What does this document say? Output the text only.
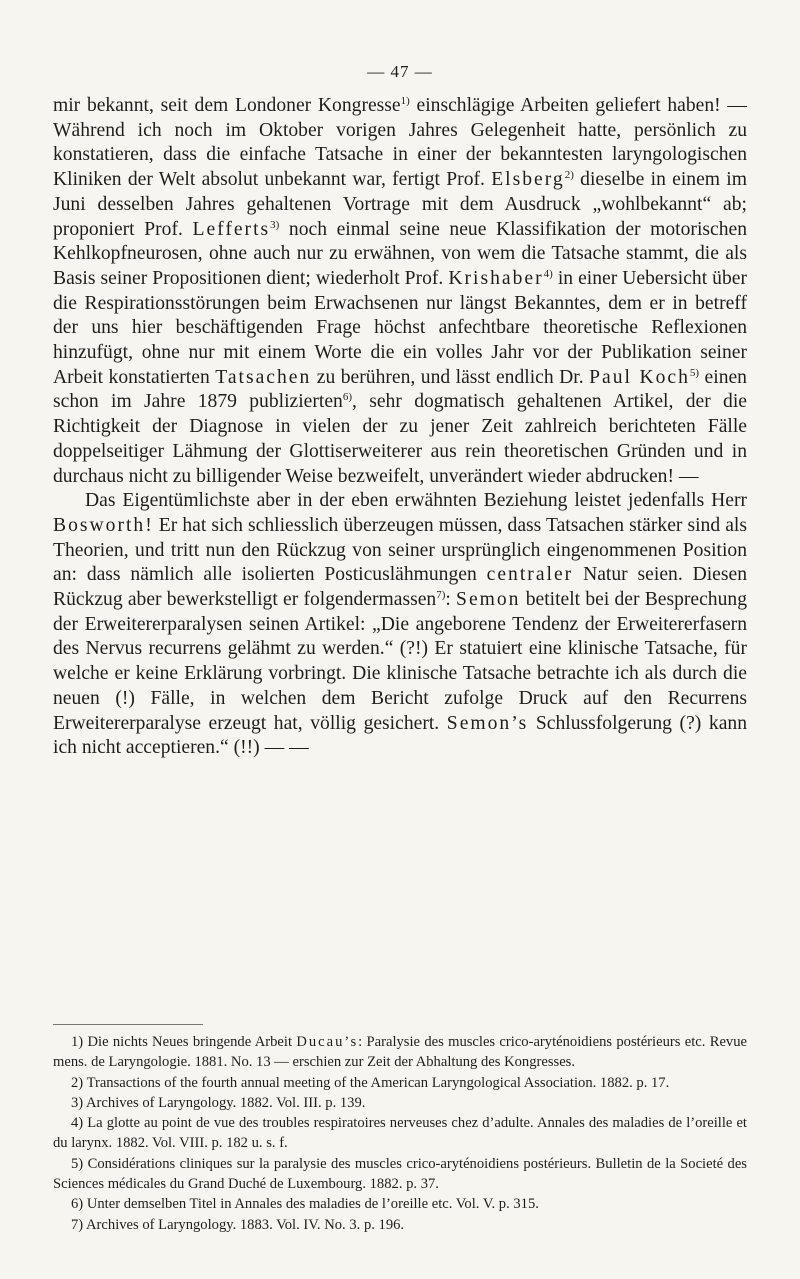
— 47 —

mir bekannt, seit dem Londoner Kongresse$^{1)}$ einschlägige Arbeiten geliefert haben! — Während ich noch im Oktober vorigen Jahres Gelegenheit hatte, persönlich zu konstatieren, dass die einfache Tatsache in einer der bekanntesten laryngologischen Kliniken der Welt absolut unbekannt war, fertigt Prof. Elsberg$^{2)}$ dieselbe in einem im Juni desselben Jahres gehaltenen Vortrage mit dem Ausdruck „wohlbekannt“ ab; proponiert Prof. Lefferts$^{3)}$ noch einmal seine neue Klassifikation der motorischen Kehlkopfneurosen, ohne auch nur zu erwähnen, von wem die Tatsache stammt, die als Basis seiner Propositionen dient; wiederholt Prof. Krishaber$^{4)}$ in einer Uebersicht über die Respirationsstörungen beim Erwachsenen nur längst Bekanntes, dem er in betreff der uns hier beschäftigenden Frage höchst anfechtbare theoretische Reflexionen hinzufügt, ohne nur mit einem Worte die ein volles Jahr vor der Publikation seiner Arbeit konstatierten Tatsachen zu berühren, und lässt endlich Dr. Paul Koch$^{5)}$ einen schon im Jahre 1879 publizierten$^{6)}$, sehr dogmatisch gehaltenen Artikel, der die Richtigkeit der Diagnose in vielen der zu jener Zeit zahlreich berichteten Fälle doppelseitiger Lähmung der Glottiserweiterer aus rein theoretischen Gründen und in durchaus nicht zu billigender Weise bezweifelt, unverändert wieder abdrucken! —

Das Eigentümlichste aber in der eben erwähnten Beziehung leistet jedenfalls Herr Bosworth! Er hat sich schliesslich überzeugen müssen, dass Tatsachen stärker sind als Theorien, und tritt nun den Rückzug von seiner ursprünglich eingenommenen Position an: dass nämlich alle isolierten Posticuslähmungen centraler Natur seien. Diesen Rückzug aber bewerkstelligt er folgendermassen$^{7)}$: Semon betitelt bei der Besprechung der Erweitererparalysen seinen Artikel: „Die angeborene Tendenz der Erweitererfasern des Nervus recurrens gelähmt zu werden.“ (?!) Er statuiert eine klinische Tatsache, für welche er keine Erklärung vorbringt. Die klinische Tatsache betrachte ich als durch die neuen (!) Fälle, in welchen dem Bericht zufolge Druck auf den Recurrens Erweitererparalyse erzeugt hat, völlig gesichert. Semon’s Schlussfolgerung (?) kann ich nicht acceptieren.“ (!!) — —

1) Die nichts Neues bringende Arbeit Ducau’s: Paralysie des muscles crico-aryténoidiens postérieurs etc. Revue mens. de Laryngologie. 1881. No. 13 — erschien zur Zeit der Abhaltung des Kongresses.

2) Transactions of the fourth annual meeting of the American Laryngological Association. 1882. p. 17.

3) Archives of Laryngology. 1882. Vol. III. p. 139.

4) La glotte au point de vue des troubles respiratoires nerveuses chez d’adulte. Annales des maladies de l’oreille et du larynx. 1882. Vol. VIII. p. 182 u. s. f.

5) Considérations cliniques sur la paralysie des muscles crico-aryténoidiens postérieurs. Bulletin de la Societé des Sciences médicales du Grand Duché de Luxembourg. 1882. p. 37.

6) Unter demselben Titel in Annales des maladies de l’oreille etc. Vol. V. p. 315.

7) Archives of Laryngology. 1883. Vol. IV. No. 3. p. 196.
